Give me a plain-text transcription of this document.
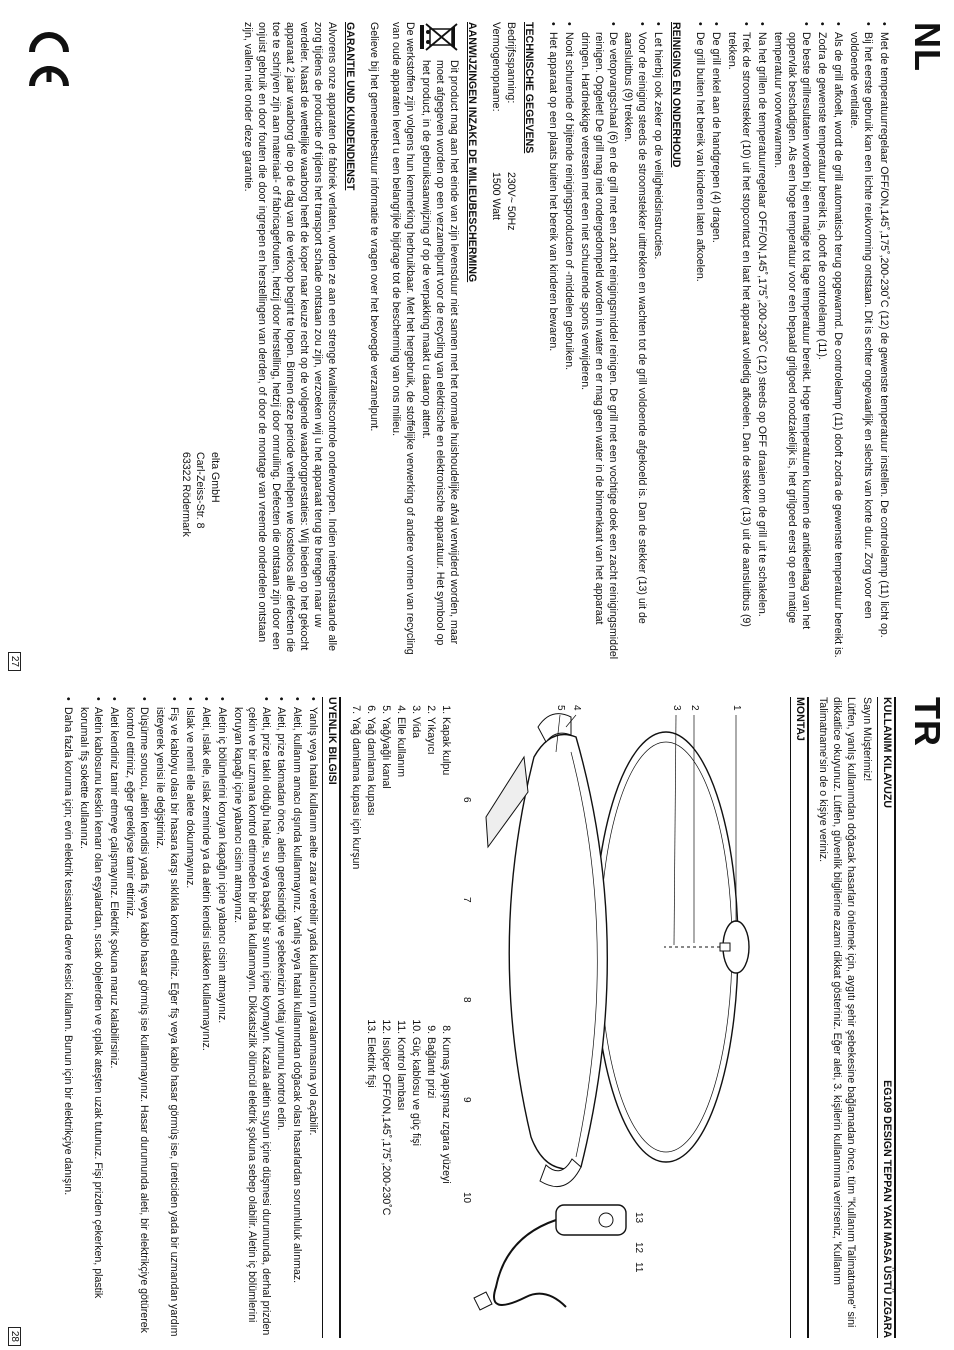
NL
• Met de temperatuurregelaar OFF/ON,145˚,175˚,200-230˚C (12) de gewenste temperatuur instellen. De controlelamp (11) licht op.
• Bij het eerste gebruik kan een lichte reukvorming ontstaan. Dit is echter ongevaarlijk en slechts van korte duur. Zorg voor een voldoende ventilatie.
• Als de grill afkoelt, wordt de grill automatisch terug opgewarmd. De controlelamp (11) dooft zodra de gewenste temperatuur bereikt is.
• Zodra de gewenste temperatuur bereikt is, dooft de controlelamp (11).
• De beste grillresultaten worden bij een matige tot lage temperatuur bereikt. Hoge temperaturen kunnen de antikleeflaag van het oppervlak beschadigen. Als een hoge temperatuur voor een bepaald grilgoed noodzakelijk is, het grilgoed eerst op een matige temperatuur voorverwarmen.
• Na het grillen de temperatuurregelaar OFF/ON,145˚,175˚,200-230˚C (12) steeds op OFF draaien om de grill uit te schakelen.
• Trek de stroomstekker (10) uit het stopcontact en laat het apparaat volledig afkoelen. Dan de stekker (13) uit de aansluitbus (9) trekken.
• De grill enkel aan de handgrepen (4) dragen.
• De grill buiten het bereik van kinderen laten afkoelen.
REINIGING EN ONDERHOUD
• Let hierbij ook zeker op de veiligheidsinstructies.
• Voor de reiniging steeds de stroomstekker uittrekken en wachten tot de grill voldoende afgekoeld is. Dan de stekker (13) uit de aansluitbus (9) trekken.
• De vetopvangschaal (6) en de grill met een zacht reinigingsmiddel reinigen. De grill met een vochtige doek een zacht reinigingsmiddel reinigen. Opgelet! De grill mag niet ondergedompeld worden in water en er mag geen water in de binnenkant van het apparaat dringen. Hardnekkige vetresten met een niet schuurende spons verwijderen.
• Nooit schurende of bijtende reinigingsproducten of -middelen gebruiken.
• Het apparaat op een plaats buiten het bereik van kinderen bewaren.
TECHNISCHE GEGEVENS
Bedrijfsspanning:
230V~ 50Hz
Vermogenopname:
1500 Watt
AANWIJZINGEN INZAKE DE MILIEUBESCHERMING

Dit product mag aan het einde van zijn levensduur niet samen met het normale huishoudelijke afval verwijderd worden, maar moet afgegeven worden op een verzamelpunt voor de recycling van elektrische en elektronische apparatuur. Het symbool op het product, in de gebruiksaanwijzing of op de verpakking maakt u daarop attent.

De werkstoffen zijn volgens hun kenmerking herbruikbaar. Met het hergebruik, de stoffelijke verwerking of andere vormen van recycling van oude apparaten levert u een belangrijke bijdrage tot de bescherming van ons milieu.

Gelieve bij het gemeentebestuur informatie te vragen over het bevoegde verzamelpunt.

GARANTIE UND KUNDENDIENST

Alvorens onze apparaten de fabriek verlaten, worden ze aan een strenge kwaliteitscontrole onderworpen. Indien niettegenstaande alle zorg tijdens de productie of tijdens het transport schade ontstaan zou zijn, verzoeken wij u het apparaat terug te brengen naar uw verdeler. Naast de wettelijke waarborg heeft de koper naar keuze recht op de volgende waarborgprestaties: Wij bieden op het gekocht apparaat 2 jaar waarborg die op de dag van de verkoop begint te lopen. Binnen deze periode verhelpen we kosteloos alle defecten die toe te schrijven zijn aan materiaal- of fabricagefouten, hetzij door herstelling, hetzij door omruiling. Defecten die ontstaan zijn door een onjuist gebruik en door fouten die door ingrepen en herstellingen van derden, of door de montage van vreemde onderdelen ontstaan zijn, vallen niet onder deze garantie.

elta GmbH
Carl-Zeiss-Str. 8
63322 Rödermark
27
TR
KULLANIM KILAVUZU
EG109 DESIGN TEPPAN YAKI MASA ÜSTÜ IZGARA

Sayın Müşterimiz!

Lütfen, yanlış kullanımdan doğacak hasarları önlemek için, aygıtı şehir şebekesine bağlamadan önce, tüm "Kullanım Talimatname" sini dikkatlice okuyunuz. Lütfen, güvenlik bilgilerine azami dikkat gösteriniz. Eğer aleti, 3. kişilerin kullanımına verirseniz, 'Kullanım Talimatname'sin de o kişiye veriniz.

MONTAJ
1
2
3
4
5
6
7
8
9
10
11
12
13
1. Kapak kulpu
2. Yıkayıcı
3. Vida
4. Elle kullanım
5. Yağ/yağlı kanal
6. Yağ damlama kupası
7. Yağ damlama kupası için kurşun
8. Kumaş yapışmaz ızgara yüzeyi
9. Bağlantı prizi
10. Güç kablosu ve güç fişi
11. Kontrol lambası
12. Isıölçer OFF/ON,145˚,175˚,200-230˚C
13. Elektrik fişi
UYENLIK BILGISI
• Yanlış veya hatalı kullanım aelte zarar verebilir yada kullanıcının yaralanmasına yol açabilir.
• Aleti, kullanım amacı dışında kullanmayınız. Yanlış veya hatalı kullanımdan doğacak olası hasarlardan sorumluluk alınmaz.
• Aleti, prize takmadan önce, aletin gereksindiği ve şebekenizin voltaj uyumunu kontrol edin.
• Aleti, prize takılı olduğu halde, su veya başka bir sıvının içine koymayın. Kazala aletin suyun içine düşmesi durumunda, derhal prizden çekin ve bir uzmana kontrol ettirmeden bir daha kullanmayın. Dikkatsizlik ölümcül elektrik şokuna sebep olabilir. Aletin iç bölümlerini koruyan kapağı içine yabancı cisim atmayınız.
• Aletin iç bölümlerini koruyan kapağın içine yabancı cisim atmayınız.
• Aleti, ıslak elle, ıslak zeminde ya da aletin kendisi ıslakken kullanmayınız.
• Islak ve nemli elle alete dokunmayınız.
• Fiş ve kabloyu olası bir hasara karşı sıklıkla kontrol ediniz. Eğer fiş veya kablo hasar görmüş ise, üreticiden yada bir uzmandan yardım isteyerek yenisi ile değiştiriniz.
• Düşürme sonucu, aletin kendisi yada fiş veya kablo hasar görmüş ise kullanmayınız. Hasar durumunda aleti, bir elektrikçiye götürerek kontrol ettiriniz, eğer gerekliyse tamir ettiriniz.
• Aleti kendiniz tamir etmeye çalışmayınız. Elektrik şokuna maruz kalabilirsiniz.
• Aletin kablosunu keskin kenarı olan eşyalardan, sıcak objelerden ve çıplak ateşten uzak tutunuz. Fişi prizden çekerken, plastik korumalı fiş sokette kullanınız.
• Daha fazla koruma için; evin elektrik tesisatında devre kesici kullanın. Bunun için bir elektrikçiye danışın.
28
